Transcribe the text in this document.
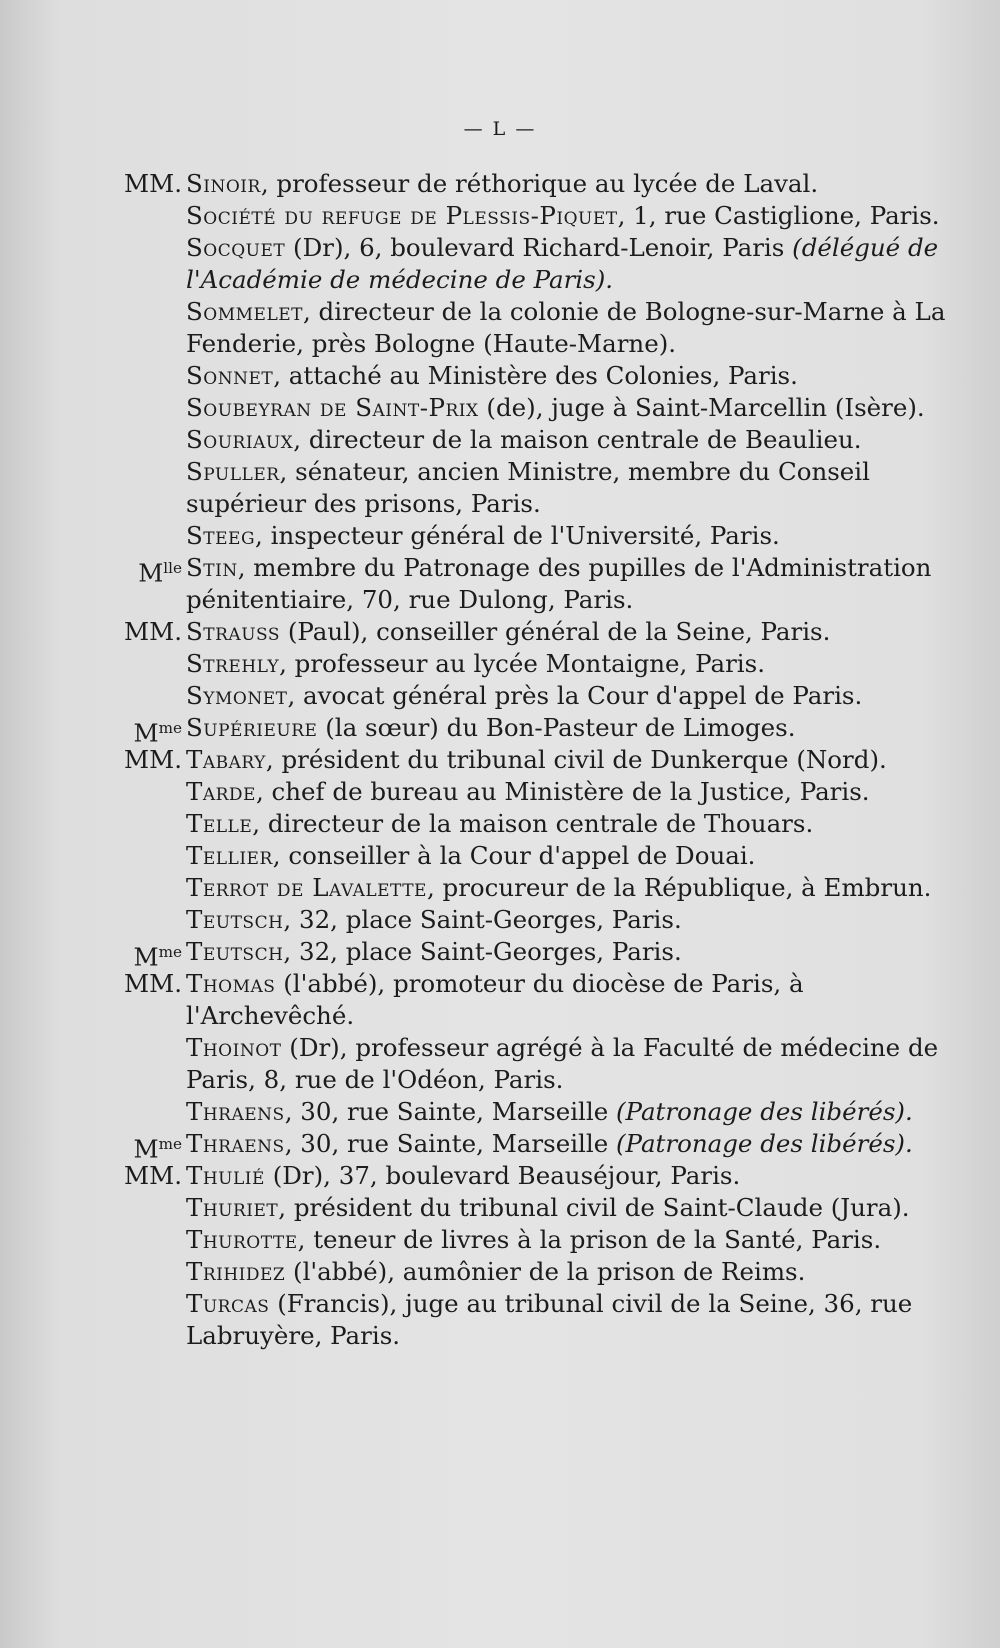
— L —
MM. Sinoir, professeur de réthorique au lycée de Laval.
Société du refuge de Plessis-Piquet, 1, rue Castiglione, Paris.
Socquet (Dr), 6, boulevard Richard-Lenoir, Paris (délégué de l'Académie de médecine de Paris).
Sommelet, directeur de la colonie de Bologne-sur-Marne à La Fenderie, près Bologne (Haute-Marne).
Sonnet, attaché au Ministère des Colonies, Paris.
Soubeyran de Saint-Prix (de), juge à Saint-Marcellin (Isère).
Souriaux, directeur de la maison centrale de Beaulieu.
Spuller, sénateur, ancien Ministre, membre du Conseil supérieur des prisons, Paris.
Steeg, inspecteur général de l'Université, Paris.
$M^{lle}$ Stin, membre du Patronage des pupilles de l'Administration pénitentiaire, 70, rue Dulong, Paris.
MM. Strauss (Paul), conseiller général de la Seine, Paris.
Strehly, professeur au lycée Montaigne, Paris.
Symonet, avocat général près la Cour d'appel de Paris.
$M^{me}$ Supérieure (la sœur) du Bon-Pasteur de Limoges.
MM. Tabary, président du tribunal civil de Dunkerque (Nord).
Tarde, chef de bureau au Ministère de la Justice, Paris.
Telle, directeur de la maison centrale de Thouars.
Tellier, conseiller à la Cour d'appel de Douai.
Terrot de Lavalette, procureur de la République, à Embrun.
Teutsch, 32, place Saint-Georges, Paris.
$M^{me}$ Teutsch, 32, place Saint-Georges, Paris.
MM. Thomas (l'abbé), promoteur du diocèse de Paris, à l'Archevêché.
Thoinot (Dr), professeur agrégé à la Faculté de médecine de Paris, 8, rue de l'Odéon, Paris.
Thraens, 30, rue Sainte, Marseille (Patronage des libérés).
$M^{me}$ Thraens, 30, rue Sainte, Marseille (Patronage des libérés).
MM. Thulié (Dr), 37, boulevard Beauséjour, Paris.
Thuriet, président du tribunal civil de Saint-Claude (Jura).
Thurotte, teneur de livres à la prison de la Santé, Paris.
Trihidez (l'abbé), aumônier de la prison de Reims.
Turcas (Francis), juge au tribunal civil de la Seine, 36, rue Labruyère, Paris.
